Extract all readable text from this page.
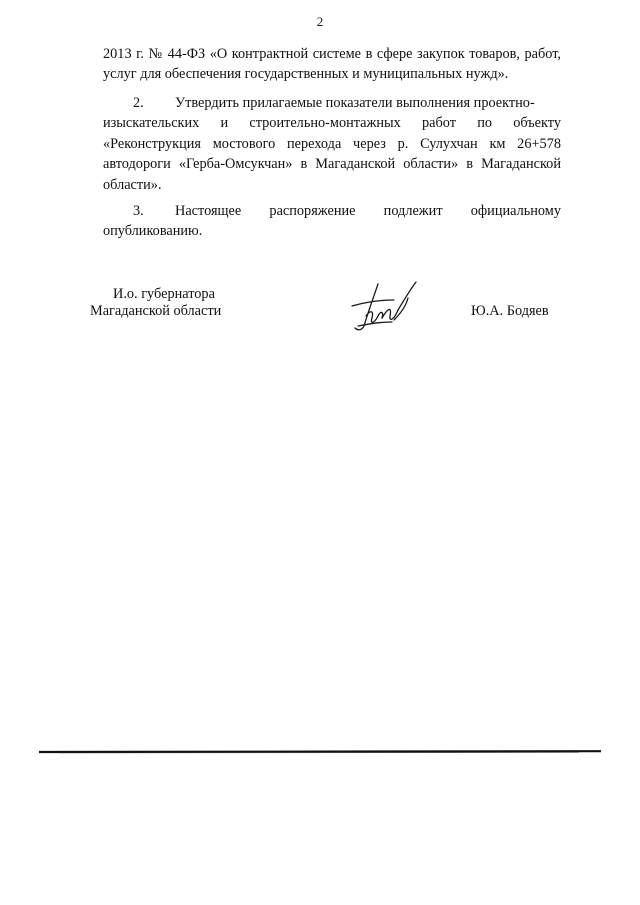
2
2013 г. № 44-ФЗ «О контрактной системе в сфере закупок товаров, работ,
услуг для обеспечения государственных и муниципальных нужд».
2. Утвердить прилагаемые показатели выполнения проектно-
изыскательских и строительно-монтажных работ по объекту
«Реконструкция мостового перехода через р. Сулухчан км 26+578
автодороги «Герба-Омсукчан» в Магаданской области» в Магаданской
области».
3. Настоящее распоряжение подлежит официальному
опубликованию.
И.о. губернатора
Магаданской области	Ю.А. Бодяев
